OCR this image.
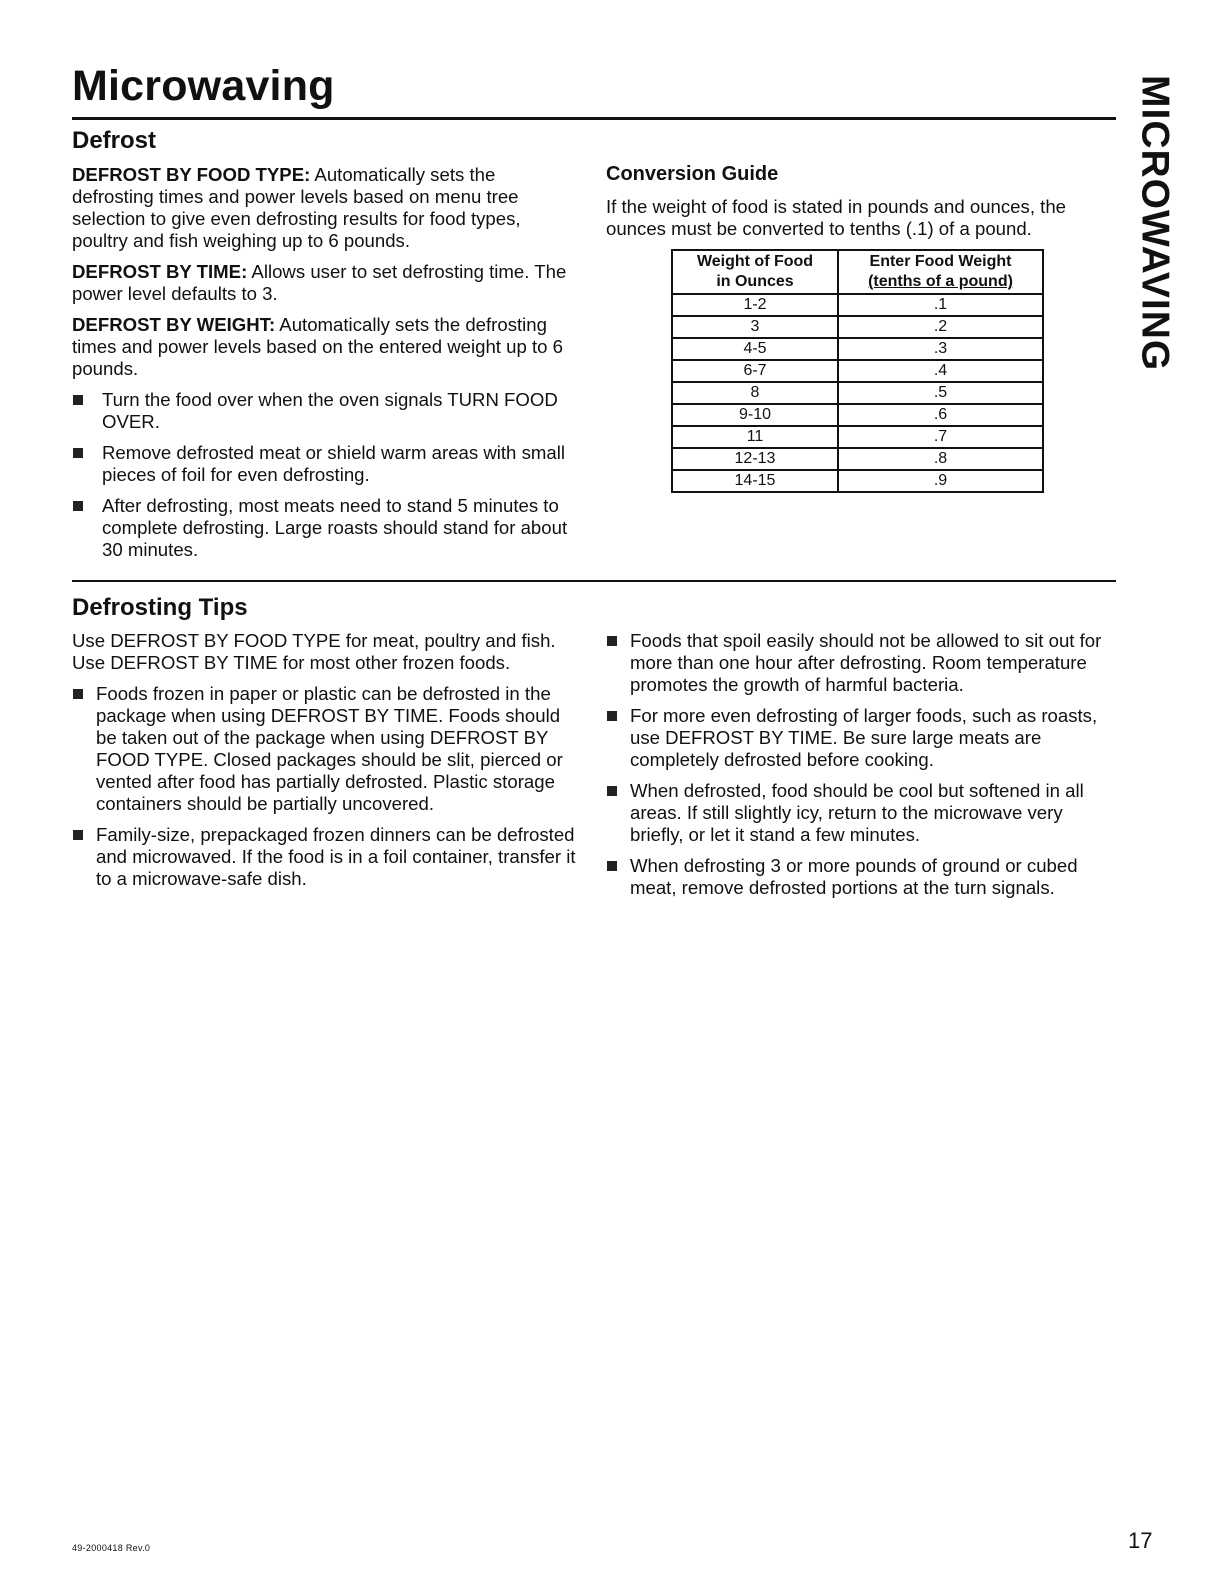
Microwaving	MICROWAVING
Defrost

DEFROST BY FOOD TYPE: Automatically sets the defrosting times and power levels based on menu tree selection to give even defrosting results for food types, poultry and fish weighing up to 6 pounds.

DEFROST BY TIME: Allows user to set defrosting time. The power level defaults to 3.

DEFROST BY WEIGHT: Automatically sets the defrosting times and power levels based on the entered weight up to 6 pounds.

Turn the food over when the oven signals TURN FOOD OVER.
Remove defrosted meat or shield warm areas with small pieces of foil for even defrosting.
After defrosting, most meats need to stand 5 minutes to complete defrosting. Large roasts should stand for about 30 minutes.
Conversion Guide
If the weight of food is stated in pounds and ounces, the ounces must be converted to tenths (.1) of a pound.
Weight of Food
in Ounces	Enter Food Weight
(tenths of a pound)
1-2	.1
3	.2
4-5	.3
6-7	.4
8	.5
9-10	.6
11	.7
12-13	.8
14-15	.9
Defrosting Tips

Use DEFROST BY FOOD TYPE for meat, poultry and fish. Use DEFROST BY TIME for most other frozen foods.

Foods frozen in paper or plastic can be defrosted in the package when using DEFROST BY TIME. Foods should be taken out of the package when using DEFROST BY FOOD TYPE. Closed packages should be slit, pierced or vented after food has partially defrosted. Plastic storage containers should be partially uncovered.
Family-size, prepackaged frozen dinners can be defrosted and microwaved. If the food is in a foil container, transfer it to a microwave-safe dish.
Foods that spoil easily should not be allowed to sit out for more than one hour after defrosting. Room temperature promotes the growth of harmful bacteria.
For more even defrosting of larger foods, such as roasts, use DEFROST BY TIME. Be sure large meats are completely defrosted before cooking.
When defrosted, food should be cool but softened in all areas. If still slightly icy, return to the microwave very briefly, or let it stand a few minutes.
When defrosting 3 or more pounds of ground or cubed meat, remove defrosted portions at the turn signals.
49-2000418 Rev.0	17
